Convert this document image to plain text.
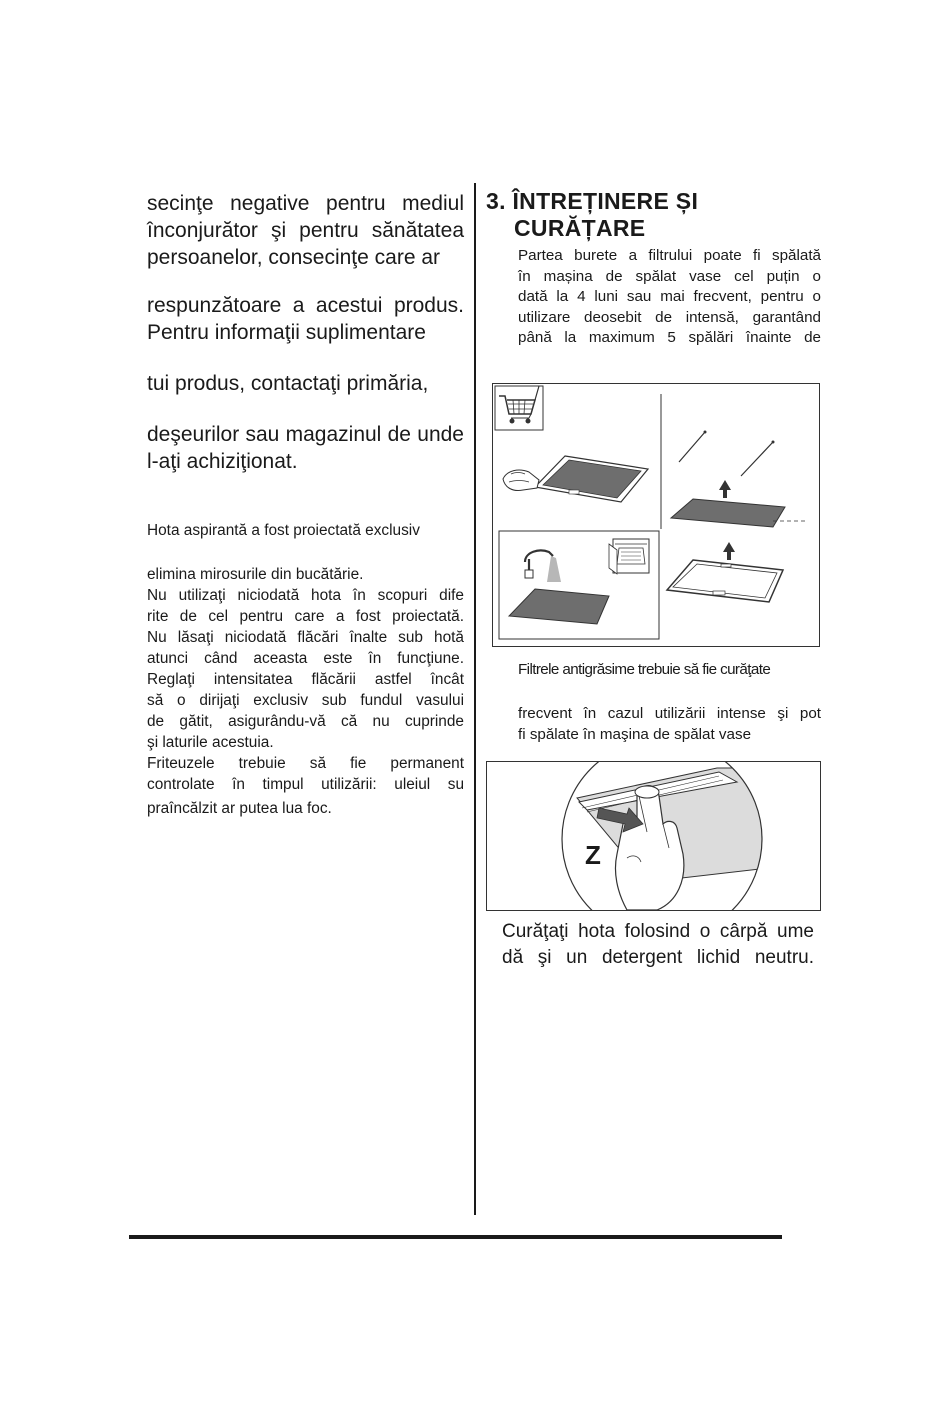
secinţe negative pentru mediul înconjurător şi pentru sănătatea persoanelor, consecinţe care ar

respunzătoare a acestui produs. Pentru informaţii suplimentare

tui produs, contactaţi primăria,

deşeurilor sau magazinul de unde l-aţi achiziţionat.

Hota aspirantă a fost proiectată exclusiv

elimina mirosurile din bucătărie.
Nu utilizaţi niciodată hota în scopuri dife
rite de cel pentru care a fost proiectată.
Nu lăsaţi niciodată flăcări înalte sub hotă
atunci când aceasta este în funcţiune.
Reglaţi intensitatea flăcării astfel încât
să o dirijaţi exclusiv sub fundul vasului
de gătit, asigurându-vă că nu cuprinde
şi laturile acestuia.
Friteuzele trebuie să fie permanent
controlate în timpul utilizării: uleiul su
praîncălzit ar putea lua foc.
3. ÎNTREȚINERE ȘI
CURĂȚARE
Partea burete a filtrului poate fi spălată
în mașina de spălat vase cel puțin o
dată la 4 luni sau mai frecvent, pentru o
utilizare deosebit de intensă, garantând
până la maximum 5 spălări înainte de

Filtrele antigrăsime trebuie să fie curăţate

frecvent în cazul utilizării intense şi pot
fi spălate în maşina de spălat vase
Z
Curăţaţi hota folosind o cârpă ume
dă şi un detergent lichid neutru.
